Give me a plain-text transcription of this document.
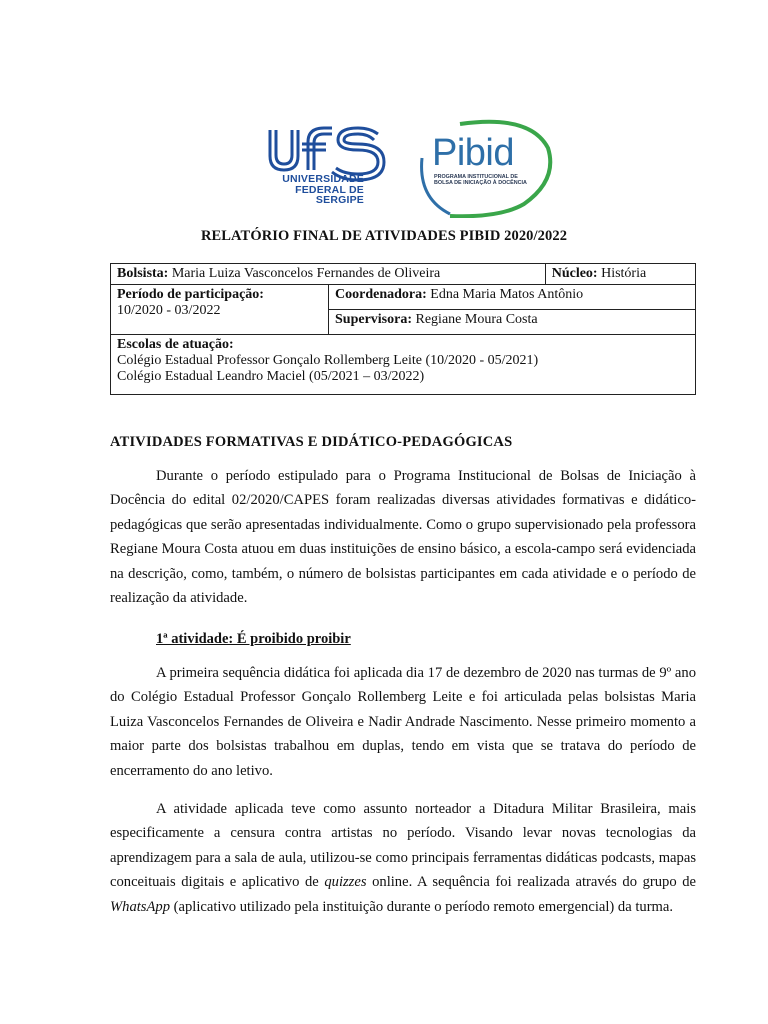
UNIVERSIDADE
FEDERAL DE
SERGIPE
Pibid
PROGRAMA INSTITUCIONAL DE
BOLSA DE INICIAÇÃO À DOCÊNCIA
RELATÓRIO FINAL DE ATIVIDADES PIBID 2020/2022
Bolsista: Maria Luiza Vasconcelos Fernandes de Oliveira		Núcleo: História
Período de participação:
10/2020 - 03/2022	Coordenadora: Edna Maria Matos Antônio	
	Supervisora: Regiane Moura Costa	
Escolas de atuação:
Colégio Estadual Professor Gonçalo Rollemberg Leite (10/2020 - 05/2021)
Colégio Estadual Leandro Maciel (05/2021 – 03/2022)		
ATIVIDADES FORMATIVAS E DIDÁTICO-PEDAGÓGICAS

Durante o período estipulado para o Programa Institucional de Bolsas de Iniciação à Docência do edital 02/2020/CAPES foram realizadas diversas atividades formativas e didático-pedagógicas que serão apresentadas individualmente. Como o grupo supervisionado pela professora Regiane Moura Costa atuou em duas instituições de ensino básico, a escola-campo será evidenciada na descrição, como, também, o número de bolsistas participantes em cada atividade e o período de realização da atividade.

1ª atividade: É proibido proibir

A primeira sequência didática foi aplicada dia 17 de dezembro de 2020 nas turmas de 9º ano do Colégio Estadual Professor Gonçalo Rollemberg Leite e foi articulada pelas bolsistas Maria Luiza Vasconcelos Fernandes de Oliveira e Nadir Andrade Nascimento. Nesse primeiro momento a maior parte dos bolsistas trabalhou em duplas, tendo em vista que se tratava do período de encerramento do ano letivo.

A atividade aplicada teve como assunto norteador a Ditadura Militar Brasileira, mais especificamente a censura contra artistas no período. Visando levar novas tecnologias da aprendizagem para a sala de aula, utilizou-se como principais ferramentas didáticas podcasts, mapas conceituais digitais e aplicativo de quizzes online. A sequência foi realizada através do grupo de WhatsApp (aplicativo utilizado pela instituição durante o período remoto emergencial) da turma.
